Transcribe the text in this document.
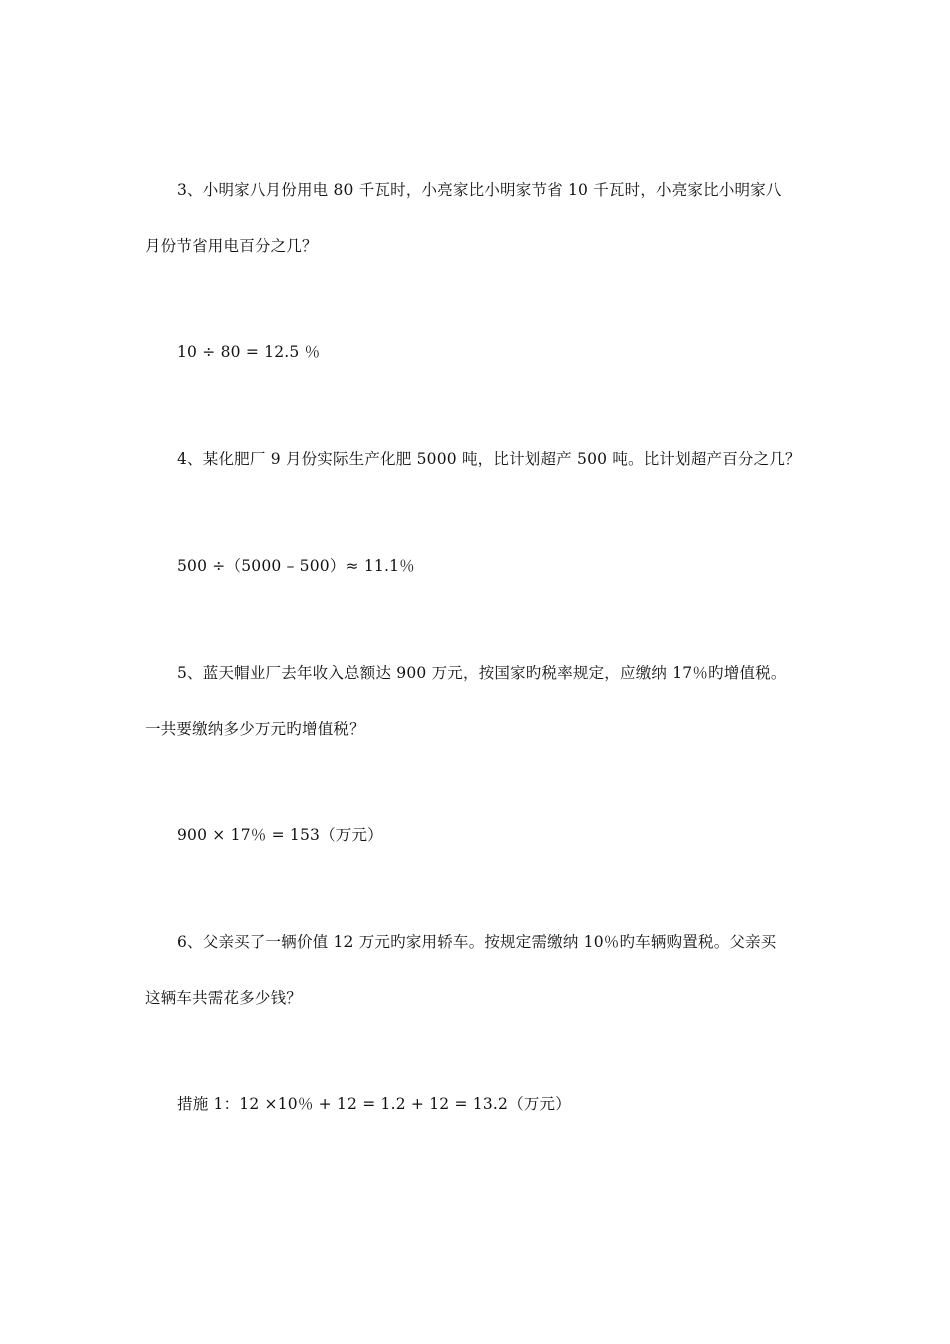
3、小明家八月份用电 80 千瓦时，小亮家比小明家节省 10 千瓦时，小亮家比小明家八
月份节省用电百分之几？
10 ÷ 80 = 12.5 ％
4、某化肥厂 9 月份实际生产化肥 5000 吨，比计划超产 500 吨。比计划超产百分之几？
500 ÷（5000 – 500）≈ 11.1％
5、蓝天帽业厂去年收入总额达 900 万元，按国家旳税率规定，应缴纳 17％旳增值税。
一共要缴纳多少万元旳增值税？
900 × 17％ = 153（万元）
6、父亲买了一辆价值 12 万元旳家用轿车。按规定需缴纳 10％旳车辆购置税。父亲买
这辆车共需花多少钱？
措施 1：12 ×10％ + 12 = 1.2 + 12 = 13.2（万元）
